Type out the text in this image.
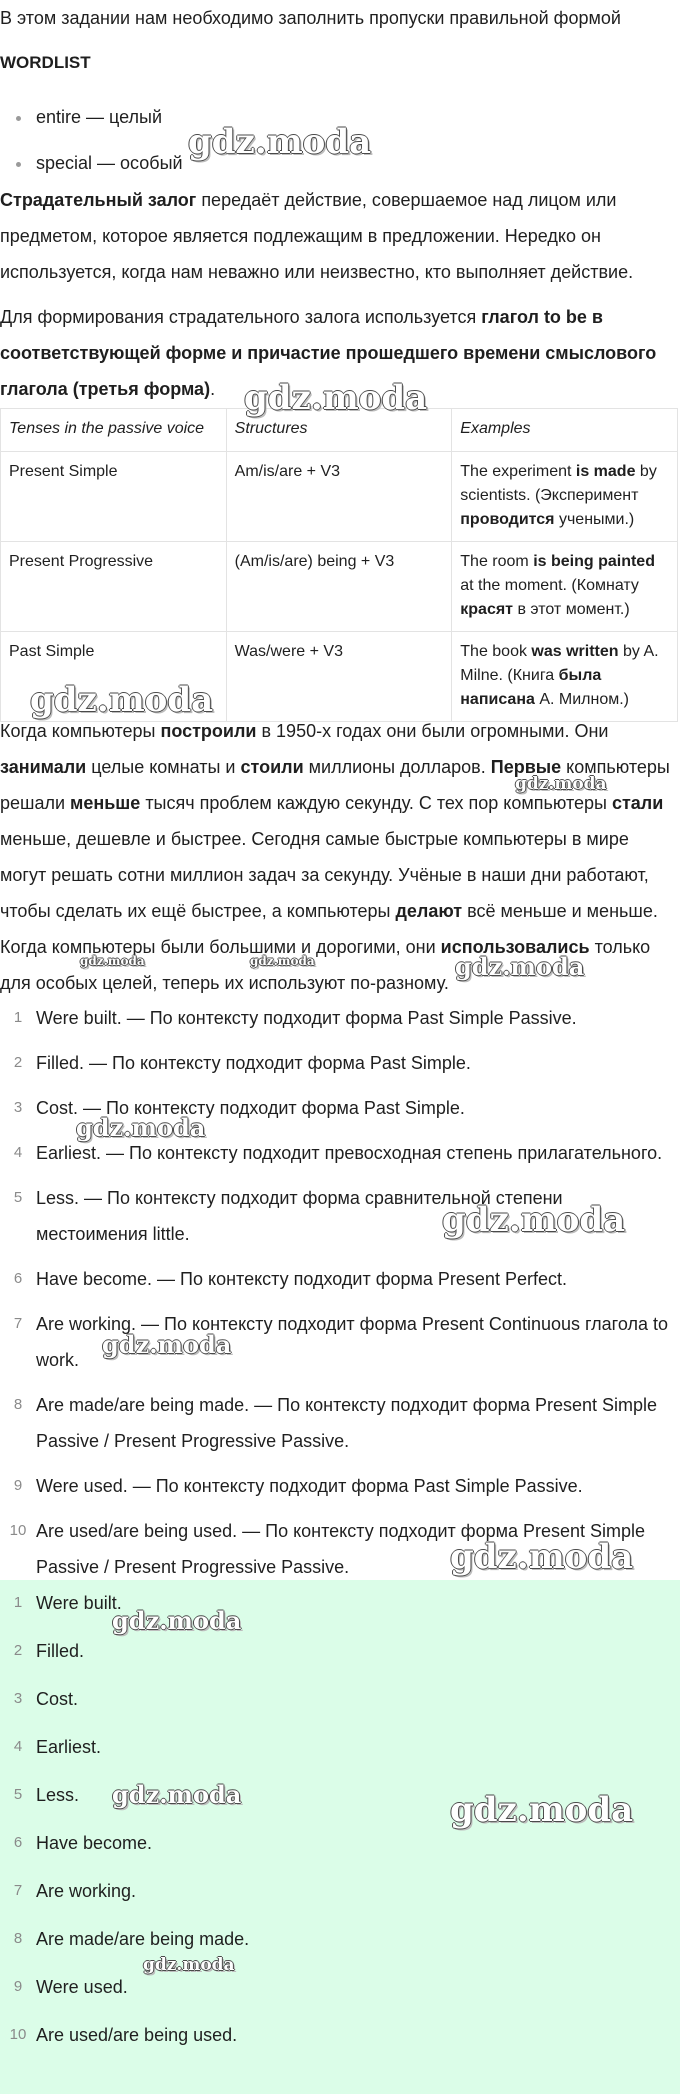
В этом задании нам необходимо заполнить пропуски правильной формой

WORDLIST
entire — целый
special — особый

Страдательный залог передаёт действие, совершаемое над лицом или предметом, которое является подлежащим в предложении. Нередко он используется, когда нам неважно или неизвестно, кто выполняет действие.

Для формирования страдательного залога используется глагол to be в соответствующей форме и причастие прошедшего времени смыслового глагола (третья форма).

Tenses in the passive voice	Structures	Examples
Present Simple	Am/is/are + V3	The experiment is made by scientists. (Эксперимент проводится учеными.)
Present Progressive	(Am/is/are) being + V3	The room is being painted at the moment. (Комнату красят в этот момент.)
Past Simple	Was/were + V3	The book was written by A. Milne. (Книга была написана А. Милном.)

Когда компьютеры построили в 1950-х годах они были огромными. Они занимали целые комнаты и стоили миллионы долларов. Первые компьютеры решали меньше тысяч проблем каждую секунду. С тех пор компьютеры стали меньше, дешевле и быстрее. Сегодня самые быстрые компьютеры в мире могут решать сотни миллион задач за секунду. Учёные в наши дни работают, чтобы сделать их ещё быстрее, а компьютеры делают всё меньше и меньше. Когда компьютеры были большими и дорогими, они использовались только для особых целей, теперь их используют по-разному.

1 Were built. — По контексту подходит форма Past Simple Passive.
2 Filled. — По контексту подходит форма Past Simple.
3 Cost. — По контексту подходит форма Past Simple.
4 Earliest. — По контексту подходит превосходная степень прилагательного.
5 Less. — По контексту подходит форма сравнительной степени местоимения little.
6 Have become. — По контексту подходит форма Present Perfect.
7 Are working. — По контексту подходит форма Present Continuous глагола to work.
8 Are made/are being made. — По контексту подходит форма Present Simple Passive / Present Progressive Passive.
9 Were used. — По контексту подходит форма Past Simple Passive.
10 Are used/are being used. — По контексту подходит форма Present Simple Passive / Present Progressive Passive.
1 Were built.
2 Filled.
3 Cost.
4 Earliest.
5 Less.
6 Have become.
7 Are working.
8 Are made/are being made.
9 Were used.
10 Are used/are being used.
gdz.moda
gdz.moda
gdz.moda
gdz.moda
gdz.moda	gdz.moda	gdz.moda
gdz.moda
gdz.moda
gdz.moda
gdz.moda
gdz.moda
gdz.moda	gdz.moda
gdz.moda
